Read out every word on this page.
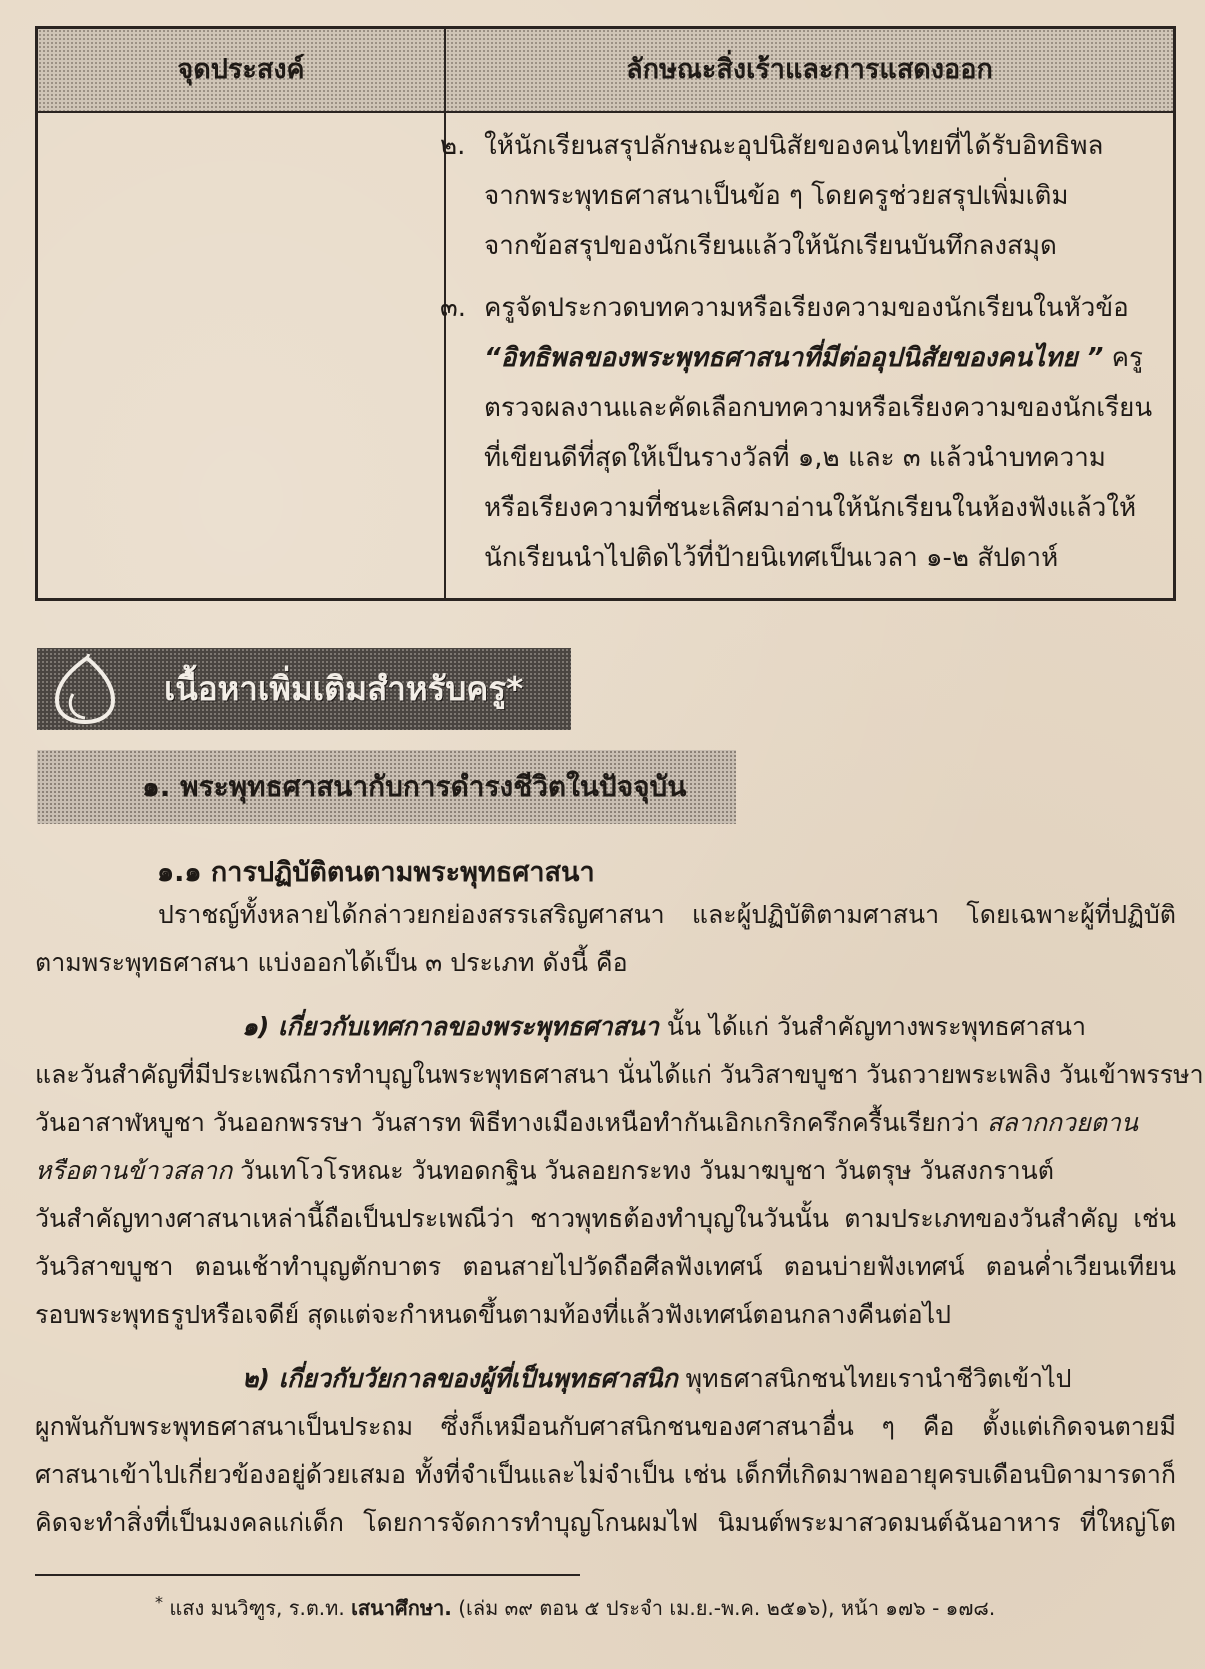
จุดประสงค์	ลักษณะสิ่งเร้าและการแสดงออก
๒. ให้นักเรียนสรุปลักษณะอุปนิสัยของคนไทยที่ได้รับอิทธิพล
จากพระพุทธศาสนาเป็นข้อ ๆ โดยครูช่วยสรุปเพิ่มเติม
จากข้อสรุปของนักเรียนแล้วให้นักเรียนบันทึกลงสมุด
๓. ครูจัดประกวดบทความหรือเรียงความของนักเรียนในหัวข้อ
“อิทธิพลของพระพุทธศาสนาที่มีต่ออุปนิสัยของคนไทย ” ครู
ตรวจผลงานและคัดเลือกบทความหรือเรียงความของนักเรียน
ที่เขียนดีที่สุดให้เป็นรางวัลที่ ๑,๒ และ ๓ แล้วนำบทความ
หรือเรียงความที่ชนะเลิศมาอ่านให้นักเรียนในห้องฟังแล้วให้
นักเรียนนำไปติดไว้ที่ป้ายนิเทศเป็นเวลา ๑-๒ สัปดาห์
เนื้อหาเพิ่มเติมสำหรับครู*
๑. พระพุทธศาสนากับการดำรงชีวิตในปัจจุบัน
๑.๑ การปฏิบัติตนตามพระพุทธศาสนา
ปราชญ์ทั้งหลายได้กล่าวยกย่องสรรเสริญศาสนา และผู้ปฏิบัติตามศาสนา โดยเฉพาะผู้ที่ปฏิบัติ
ตามพระพุทธศาสนา แบ่งออกได้เป็น ๓ ประเภท ดังนี้ คือ
๑) เกี่ยวกับเทศกาลของพระพุทธศาสนา นั้น ได้แก่ วันสำคัญทางพระพุทธศาสนา
และวันสำคัญที่มีประเพณีการทำบุญในพระพุทธศาสนา นั่นได้แก่ วันวิสาขบูชา วันถวายพระเพลิง วันเข้าพรรษา
วันอาสาฬหบูชา วันออกพรรษา วันสารท พิธีทางเมืองเหนือทำกันเอิกเกริกครึกครื้นเรียกว่า สลากกวยตาน
หรือตานข้าวสลาก วันเทโวโรหณะ วันทอดกฐิน วันลอยกระทง วันมาฆบูชา วันตรุษ วันสงกรานต์
วันสำคัญทางศาสนาเหล่านี้ถือเป็นประเพณีว่า ชาวพุทธต้องทำบุญในวันนั้น ตามประเภทของวันสำคัญ เช่น
วันวิสาขบูชา ตอนเช้าทำบุญตักบาตร ตอนสายไปวัดถือศีลฟังเทศน์ ตอนบ่ายฟังเทศน์ ตอนค่ำเวียนเทียน
รอบพระพุทธรูปหรือเจดีย์ สุดแต่จะกำหนดขึ้นตามท้องที่แล้วฟังเทศน์ตอนกลางคืนต่อไป
๒) เกี่ยวกับวัยกาลของผู้ที่เป็นพุทธศาสนิก พุทธศาสนิกชนไทยเรานำชีวิตเข้าไป
ผูกพันกับพระพุทธศาสนาเป็นประถม ซึ่งก็เหมือนกับศาสนิกชนของศาสนาอื่น ๆ คือ ตั้งแต่เกิดจนตายมี
ศาสนาเข้าไปเกี่ยวข้องอยู่ด้วยเสมอ ทั้งที่จำเป็นและไม่จำเป็น เช่น เด็กที่เกิดมาพออายุครบเดือนบิดามารดาก็
คิดจะทำสิ่งที่เป็นมงคลแก่เด็ก โดยการจัดการทำบุญโกนผมไฟ นิมนต์พระมาสวดมนต์ฉันอาหาร ที่ใหญ่โต
* แสง มนวิฑูร, ร.ต.ท. เสนาศึกษา. (เล่ม ๓๙ ตอน ๕ ประจำ เม.ย.-พ.ค. ๒๕๑๖), หน้า ๑๗๖ - ๑๗๘.
